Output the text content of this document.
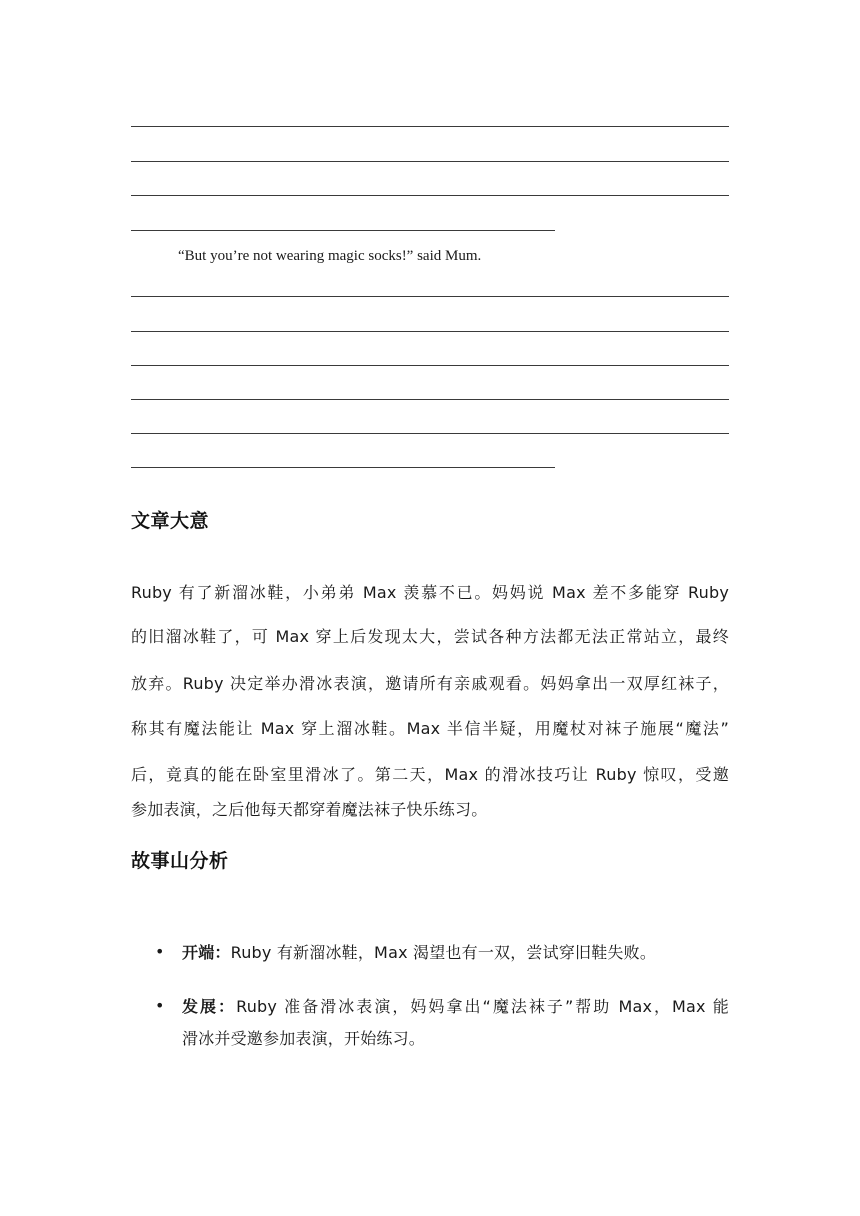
“But you’re not wearing magic socks!” said Mum.
文章大意
Ruby 有了新溜冰鞋，小弟弟 Max 羡慕不已。妈妈说 Max 差不多能穿 Ruby
的旧溜冰鞋了，可 Max 穿上后发现太大，尝试各种方法都无法正常站立，最终
放弃。Ruby 决定举办滑冰表演，邀请所有亲戚观看。妈妈拿出一双厚红袜子，
称其有魔法能让 Max 穿上溜冰鞋。Max 半信半疑，用魔杖对袜子施展“魔法”
后，竟真的能在卧室里滑冰了。第二天，Max 的滑冰技巧让 Ruby 惊叹，受邀
参加表演，之后他每天都穿着魔法袜子快乐练习。
故事山分析
• 开端：Ruby 有新溜冰鞋，Max 渴望也有一双，尝试穿旧鞋失败。
• 发展：Ruby 准备滑冰表演，妈妈拿出“魔法袜子”帮助 Max，Max 能
滑冰并受邀参加表演，开始练习。
